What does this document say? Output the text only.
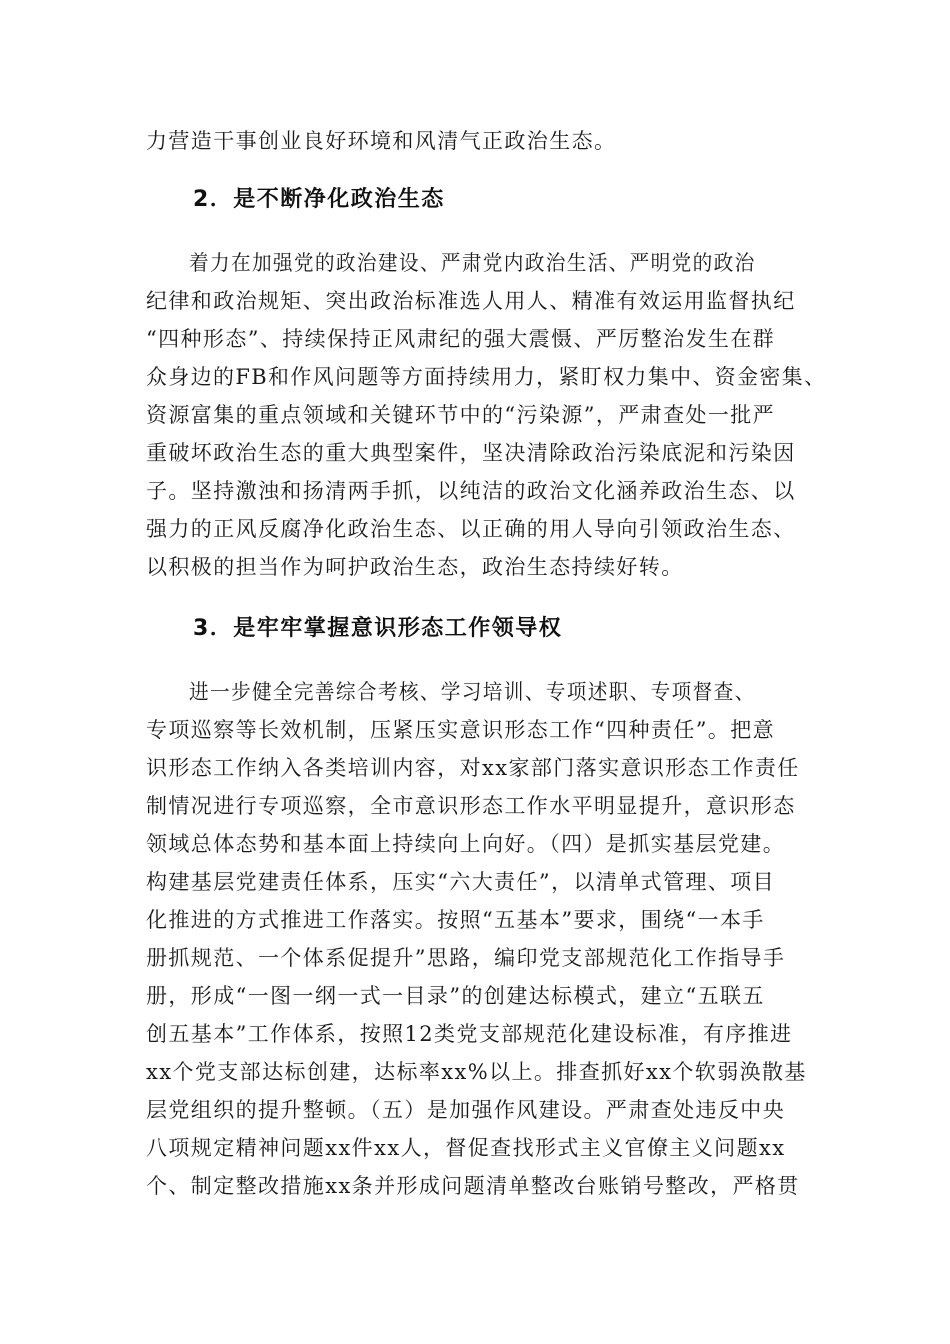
力营造干事创业良好环境和风清气正政治生态。
2．是不断净化政治生态
着力在加强党的政治建设、严肃党内政治生活、严明党的政治
纪律和政治规矩、突出政治标准选人用人、精准有效运用监督执纪
“四种形态”、持续保持正风肃纪的强大震慑、严厉整治发生在群
众身边的FB和作风问题等方面持续用力，紧盯权力集中、资金密集、
资源富集的重点领域和关键环节中的“污染源”，严肃查处一批严
重破坏政治生态的重大典型案件，坚决清除政治污染底泥和污染因
子。坚持激浊和扬清两手抓，以纯洁的政治文化涵养政治生态、以
强力的正风反腐净化政治生态、以正确的用人导向引领政治生态、
以积极的担当作为呵护政治生态，政治生态持续好转。
3．是牢牢掌握意识形态工作领导权
进一步健全完善综合考核、学习培训、专项述职、专项督查、
专项巡察等长效机制，压紧压实意识形态工作“四种责任”。把意
识形态工作纳入各类培训内容，对xx家部门落实意识形态工作责任
制情况进行专项巡察，全市意识形态工作水平明显提升，意识形态
领域总体态势和基本面上持续向上向好。（四）是抓实基层党建。
构建基层党建责任体系，压实“六大责任”，以清单式管理、项目
化推进的方式推进工作落实。按照“五基本”要求，围绕“一本手
册抓规范、一个体系促提升”思路，编印党支部规范化工作指导手
册，形成“一图一纲一式一目录”的创建达标模式，建立“五联五
创五基本”工作体系，按照12类党支部规范化建设标准，有序推进
xx个党支部达标创建，达标率xx%以上。排查抓好xx个软弱涣散基
层党组织的提升整顿。（五）是加强作风建设。严肃查处违反中央
八项规定精神问题xx件xx人，督促查找形式主义官僚主义问题xx
个、制定整改措施xx条并形成问题清单整改台账销号整改，严格贯
